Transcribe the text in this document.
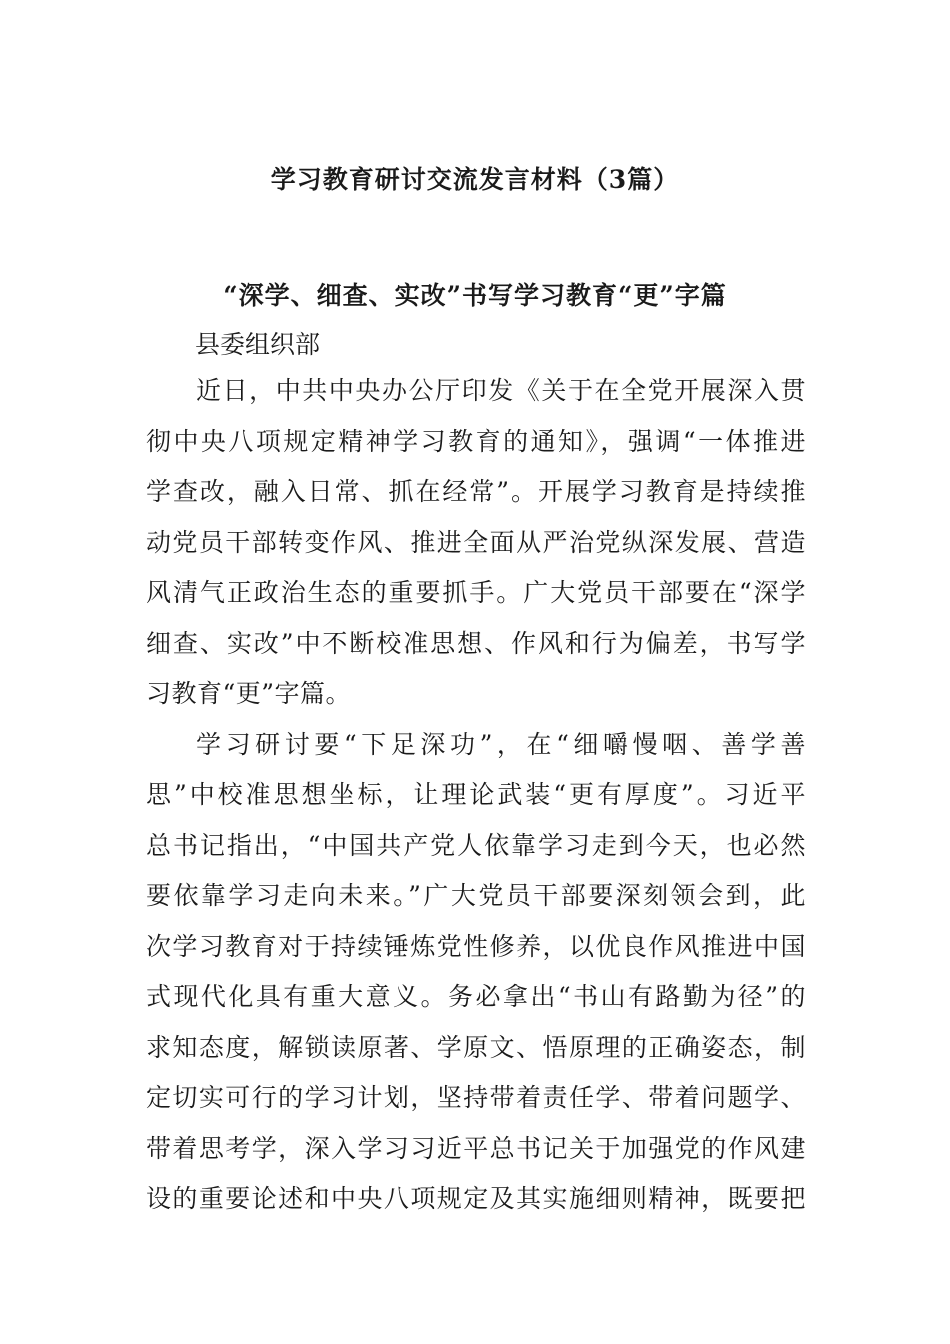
学习教育研讨交流发言材料（3篇）
“深学、细查、实改”书写学习教育“更”字篇
县委组织部
近日，中共中央办公厅印发《关于在全党开展深入贯
彻中央八项规定精神学习教育的通知》，强调“一体推进
学查改，融入日常、抓在经常”。开展学习教育是持续推
动党员干部转变作风、推进全面从严治党纵深发展、营造
风清气正政治生态的重要抓手。广大党员干部要在“深学
细查、实改”中不断校准思想、作风和行为偏差，书写学
习教育“更”字篇。
学习研讨要“下足深功”，在“细嚼慢咽、善学善
思”中校准思想坐标，让理论武装“更有厚度”。习近平
总书记指出，“中国共产党人依靠学习走到今天，也必然
要依靠学习走向未来。”广大党员干部要深刻领会到，此
次学习教育对于持续锤炼党性修养，以优良作风推进中国
式现代化具有重大意义。务必拿出“书山有路勤为径”的
求知态度，解锁读原著、学原文、悟原理的正确姿态，制
定切实可行的学习计划，坚持带着责任学、带着问题学、
带着思考学，深入学习习近平总书记关于加强党的作风建
设的重要论述和中央八项规定及其实施细则精神，既要把
